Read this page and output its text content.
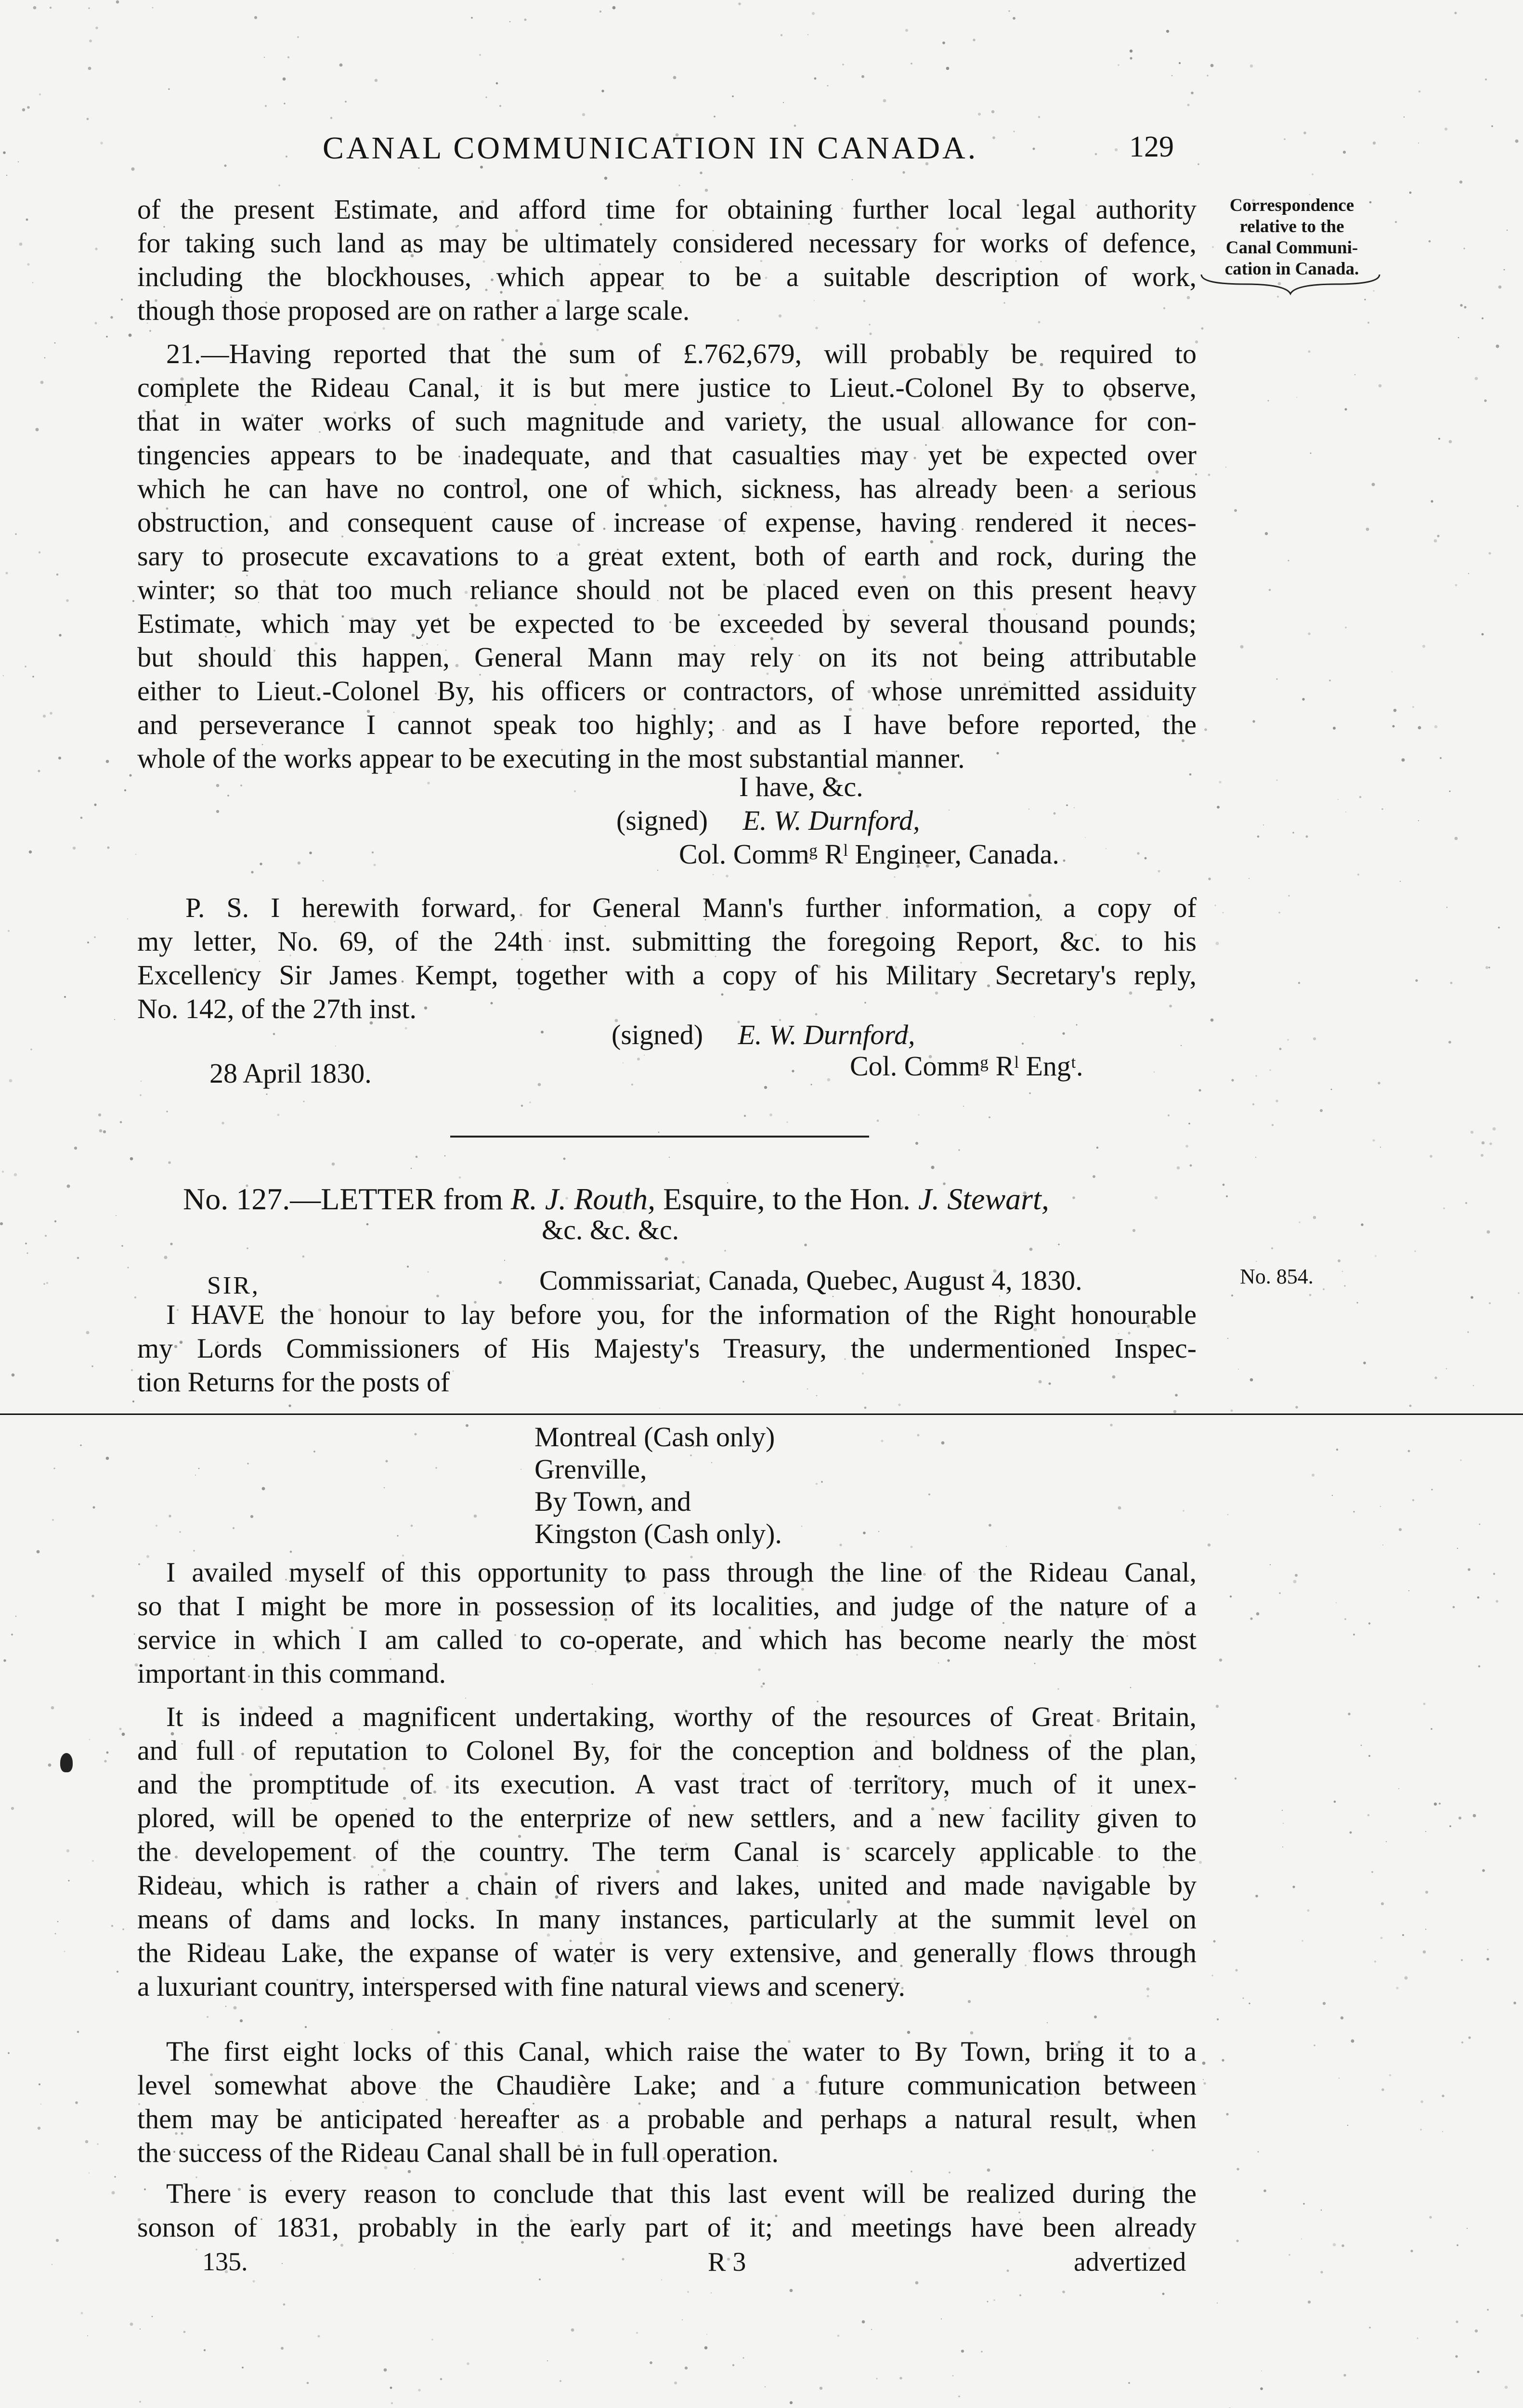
CANAL COMMUNICATION IN CANADA.	129
Correspondence
relative to the
Canal Communi-
cation in Canada.
of the present Estimate, and afford time for obtaining further local legal authority
for taking such land as may be ultimately considered necessary for works of defence,
including the blockhouses, which appear to be a suitable description of work,
though those proposed are on rather a large scale.
21.—Having reported that the sum of £.762,679, will probably be required to
complete the Rideau Canal, it is but mere justice to Lieut.-Colonel By to observe,
that in water works of such magnitude and variety, the usual allowance for con-
tingencies appears to be inadequate, and that casualties may yet be expected over
which he can have no control, one of which, sickness, has already been a serious
obstruction, and consequent cause of increase of expense, having rendered it neces-
sary to prosecute excavations to a great extent, both of earth and rock, during the
winter; so that too much reliance should not be placed even on this present heavy
Estimate, which may yet be expected to be exceeded by several thousand pounds;
but should this happen, General Mann may rely on its not being attributable
either to Lieut.-Colonel By, his officers or contractors, of whose unremitted assiduity
and perseverance I cannot speak too highly; and as I have before reported, the
whole of the works appear to be executing in the most substantial manner.
I have, &c.
(signed) E. W. Durnford,
Col. Commᵍ Rˡ Engineer, Canada.
P. S. I herewith forward, for General Mann's further information, a copy of
my letter, No. 69, of the 24th inst. submitting the foregoing Report, &c. to his
Excellency Sir James Kempt, together with a copy of his Military Secretary's reply,
No. 142, of the 27th inst.
(signed) E. W. Durnford,
28 April 1830.	Col. Commᵍ Rˡ Engᵗ.
No. 127.—LETTER from R. J. Routh, Esquire, to the Hon. J. Stewart,
&c. &c. &c.
SIR,	Commissariat, Canada, Quebec, August 4, 1830.	No. 854.
I HAVE the honour to lay before you, for the information of the Right honourable
my Lords Commissioners of His Majesty's Treasury, the undermentioned Inspec-
tion Returns for the posts of
Montreal (Cash only)
Grenville,
By Town, and
Kingston (Cash only).
I availed myself of this opportunity to pass through the line of the Rideau Canal,
so that I might be more in possession of its localities, and judge of the nature of a
service in which I am called to co-operate, and which has become nearly the most
important in this command.
It is indeed a magnificent undertaking, worthy of the resources of Great Britain,
and full of reputation to Colonel By, for the conception and boldness of the plan,
and the promptitude of its execution. A vast tract of territory, much of it unex-
plored, will be opened to the enterprize of new settlers, and a new facility given to
the developement of the country. The term Canal is scarcely applicable to the
Rideau, which is rather a chain of rivers and lakes, united and made navigable by
means of dams and locks. In many instances, particularly at the summit level on
the Rideau Lake, the expanse of water is very extensive, and generally flows through
a luxuriant country, interspersed with fine natural views and scenery.
The first eight locks of this Canal, which raise the water to By Town, bring it to a
level somewhat above the Chaudière Lake; and a future communication between
them may be anticipated hereafter as a probable and perhaps a natural result, when
the success of the Rideau Canal shall be in full operation.
There is every reason to conclude that this last event will be realized during the
sonson of 1831, probably in the early part of it; and meetings have been already
135.	R 3	advertized
